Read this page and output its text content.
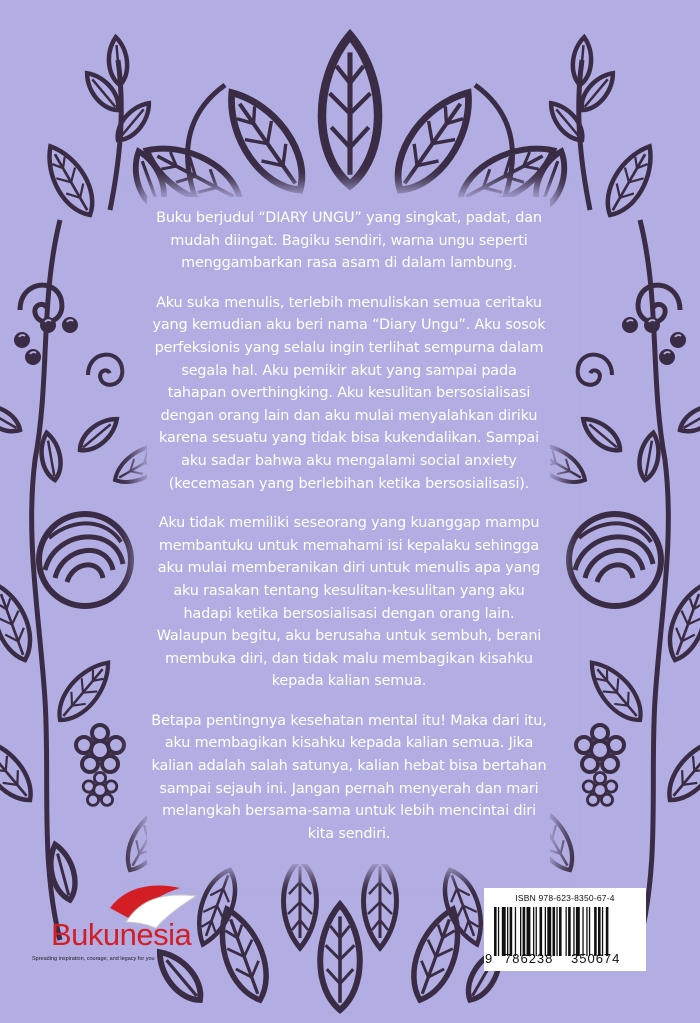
Buku berjudul “DIARY UNGU” yang singkat, padat, dan mudah diingat. Bagiku sendiri, warna ungu seperti menggambarkan rasa asam di dalam lambung.

Aku suka menulis, terlebih menuliskan semua ceritaku yang kemudian aku beri nama “Diary Ungu”. Aku sosok perfeksionis yang selalu ingin terlihat sempurna dalam segala hal. Aku pemikir akut yang sampai pada tahapan overthingking. Aku kesulitan bersosialisasi dengan orang lain dan aku mulai menyalahkan diriku karena sesuatu yang tidak bisa kukendalikan. Sampai aku sadar bahwa aku mengalami social anxiety (kecemasan yang berlebihan ketika bersosialisasi).

Aku tidak memiliki seseorang yang kuanggap mampu membantuku untuk memahami isi kepalaku sehingga aku mulai memberanikan diri untuk menulis apa yang aku rasakan tentang kesulitan-kesulitan yang aku hadapi ketika bersosialisasi dengan orang lain. Walaupun begitu, aku berusaha untuk sembuh, berani membuka diri, dan tidak malu membagikan kisahku kepada kalian semua.

Betapa pentingnya kesehatan mental itu! Maka dari itu, aku membagikan kisahku kepada kalian semua. Jika kalian adalah salah satunya, kalian hebat bisa bertahan sampai sejauh ini. Jangan pernah menyerah dan mari melangkah bersama-sama untuk lebih mencintai diri kita sendiri.

Bukunesia
Spreading inspiration, courage, and legacy for you
ISBN 978-623-8350-67-4
9 786238 350674
